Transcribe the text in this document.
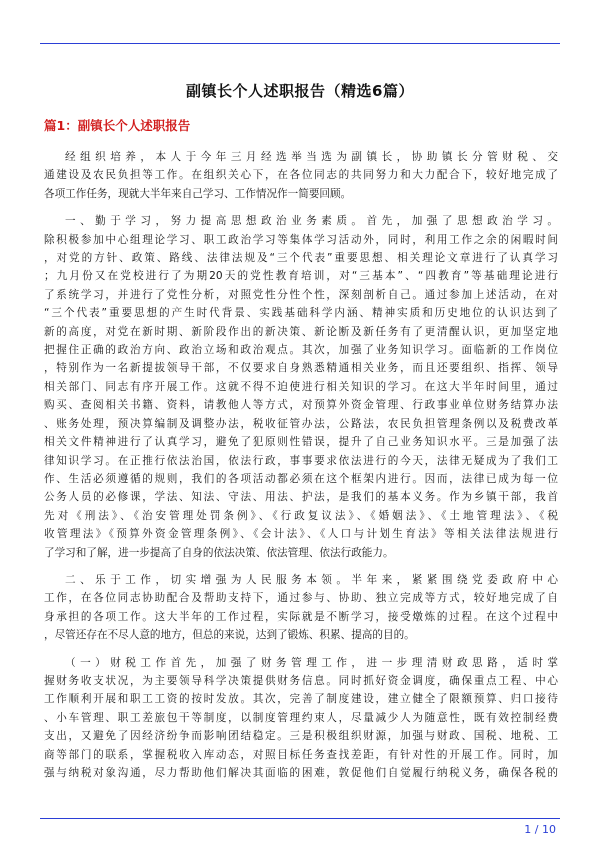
副镇长个人述职报告（精选6篇）
篇1：副镇长个人述职报告
经组织培养，本人于今年三月经选举当选为副镇长，协助镇长分管财税、交
通建设及农民负担等工作。在组织关心下，在各位同志的共同努力和大力配合下，较好地完成了
各项工作任务，现就大半年来自己学习、工作情况作一简要回顾。
一、勤于学习，努力提高思想政治业务素质。首先，加强了思想政治学习。
除积极参加中心组理论学习、职工政治学习等集体学习活动外，同时，利用工作之余的闲暇时间
，对党的方针、政策、路线、法律法规及“三个代表”重要思想、相关理论文章进行了认真学习
；九月份又在党校进行了为期20天的党性教育培训，对“三基本”、“四教育”等基础理论进行
了系统学习，并进行了党性分析，对照党性分性个性，深刻剖析自己。通过参加上述活动，在对
“三个代表”重要思想的产生时代背景、实践基础科学内涵、精神实质和历史地位的认识达到了
新的高度，对党在新时期、新阶段作出的新决策、新论断及新任务有了更清醒认识，更加坚定地
把握住正确的政治方向、政治立场和政治观点。其次，加强了业务知识学习。面临新的工作岗位
，特别作为一名新提拔领导干部，不仅要求自身熟悉精通相关业务，而且还要组织、指挥、领导
相关部门、同志有序开展工作。这就不得不迫使进行相关知识的学习。在这大半年时间里，通过
购买、查阅相关书籍、资料，请教他人等方式，对预算外资金管理、行政事业单位财务结算办法
、账务处理，预决算编制及调整办法，税收征管办法，公路法，农民负担管理条例以及税费改革
相关文件精神进行了认真学习，避免了犯原则性错误，提升了自己业务知识水平。三是加强了法
律知识学习。在正推行依法治国，依法行政，事事要求依法进行的今天，法律无疑成为了我们工
作、生活必须遵循的规则，我们的各项活动都必须在这个框架内进行。因而，法律已成为每一位
公务人员的必修课，学法、知法、守法、用法、护法，是我们的基本义务。作为乡镇干部，我首
先对《刑法》、《治安管理处罚条例》、《行政复议法》、《婚姻法》、《土地管理法》、《税
收管理法》《预算外资金管理条例》、《会计法》、《人口与计划生育法》等相关法律法规进行
了学习和了解，进一步提高了自身的依法决策、依法管理、依法行政能力。
二、乐于工作，切实增强为人民服务本领。半年来，紧紧围绕党委政府中心
工作，在各位同志协助配合及帮助支持下，通过参与、协助、独立完成等方式，较好地完成了自
身承担的各项工作。这大半年的工作过程，实际就是不断学习，接受燉炼的过程。在这个过程中
，尽管还存在不尽人意的地方，但总的来说，达到了锻炼、积累、提高的目的。
（一）财税工作首先，加强了财务管理工作，进一步理清财政思路，适时掌
握财务收支状况，为主要领导科学决策提供财务信息。同时抓好资金调度，确保重点工程、中心
工作顺利开展和职工工资的按时发放。其次，完善了制度建设，建立健全了限额预算、归口接待
、小车管理、职工差旅包干等制度，以制度管理约束人，尽量减少人为随意性，既有效控制经费
支出，又避免了因经济纷争而影响团结稳定。三是积极组织财源，加强与财政、国税、地税、工
商等部门的联系，掌握税收入库动态，对照目标任务查找差距，有针对性的开展工作。同时，加
强与纳税对象沟通，尽力帮助他们解决其面临的困难，敦促他们自觉履行纳税义务，确保各税的
1 / 10
